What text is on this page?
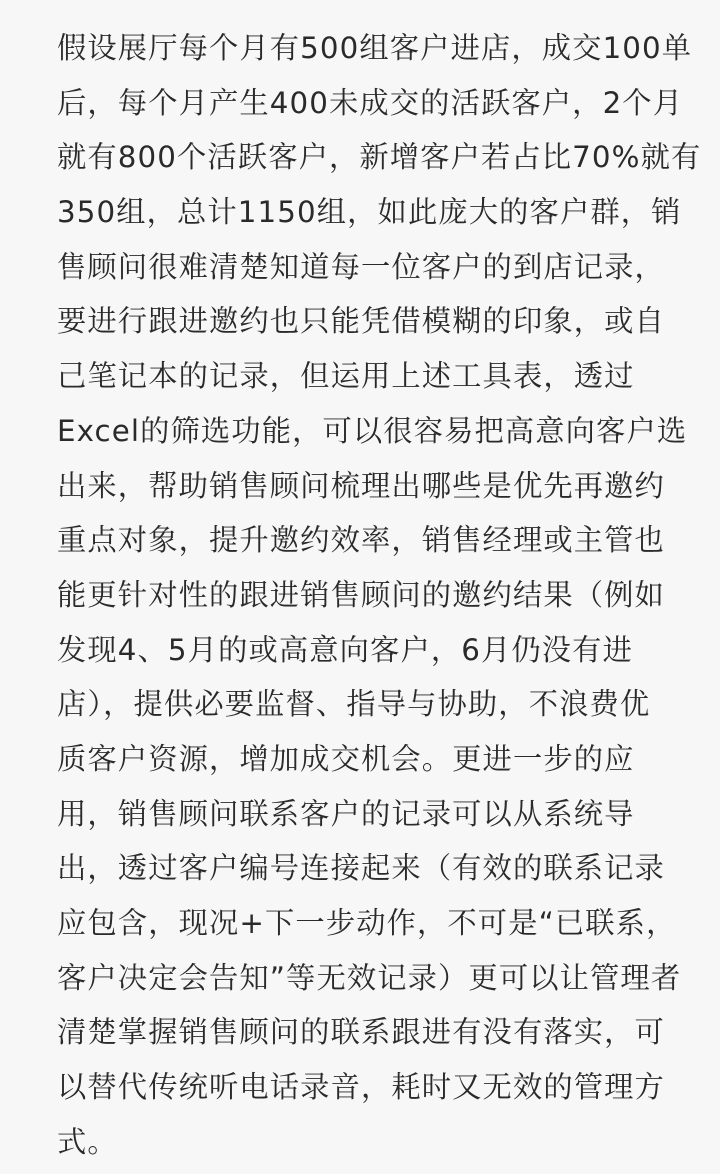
假设展厅每个月有500组客户进店，成交100单
后，每个月产生400未成交的活跃客户，2个月
就有800个活跃客户，新增客户若占比70%就有
350组，总计1150组，如此庞大的客户群，销
售顾问很难清楚知道每一位客户的到店记录，
要进行跟进邀约也只能凭借模糊的印象，或自
己笔记本的记录，但运用上述工具表，透过
Excel的筛选功能，可以很容易把高意向客户选
出来，帮助销售顾问梳理出哪些是优先再邀约
重点对象，提升邀约效率，销售经理或主管也
能更针对性的跟进销售顾问的邀约结果（例如
发现4、5月的或高意向客户，6月仍没有进
店），提供必要监督、指导与协助，不浪费优
质客户资源，增加成交机会。更进一步的应
用，销售顾问联系客户的记录可以从系统导
出，透过客户编号连接起来（有效的联系记录
应包含，现况+下一步动作，不可是“已联系，
客户决定会告知”等无效记录）更可以让管理者
清楚掌握销售顾问的联系跟进有没有落实，可
以替代传统听电话录音，耗时又无效的管理方
式。
